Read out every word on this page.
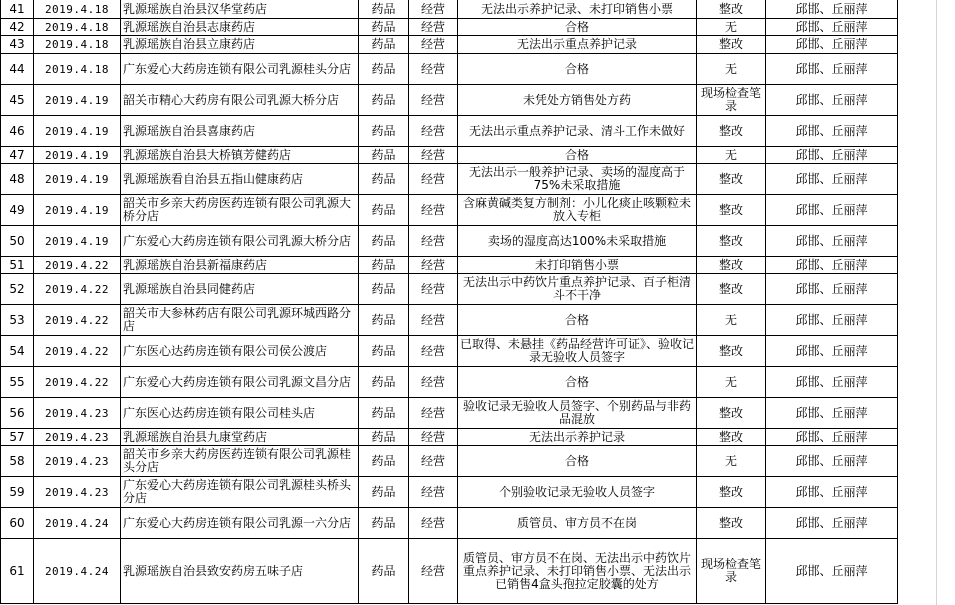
41	2019.4.18	乳源瑶族自治县汉华堂药店	药品	经营	无法出示养护记录、未打印销售小票	整改	邱邯、丘丽萍
42	2019.4.18	乳源瑶族自治县志康药店	药品	经营	合格	无	邱邯、丘丽萍
43	2019.4.18	乳源瑶族自治县立康药店	药品	经营	无法出示重点养护记录	整改	邱邯、丘丽萍
44	2019.4.18	广东爱心大药房连锁有限公司乳源桂头分店	药品	经营	合格	无	邱邯、丘丽萍
45	2019.4.19	韶关市精心大药房有限公司乳源大桥分店	药品	经营	未凭处方销售处方药	现场检查笔录	邱邯、丘丽萍
46	2019.4.19	乳源瑶族自治县喜康药店	药品	经营	无法出示重点养护记录、清斗工作未做好	整改	邱邯、丘丽萍
47	2019.4.19	乳源瑶族自治县大桥镇芳健药店	药品	经营	合格	无	邱邯、丘丽萍
48	2019.4.19	乳源瑶族看自治县五指山健康药店	药品	经营	无法出示一般养护记录、卖场的湿度高于75%未采取措施	整改	邱邯、丘丽萍
49	2019.4.19	韶关市乡亲大药房医药连锁有限公司乳源大桥分店	药品	经营	含麻黄碱类复方制剂：小儿化痰止咳颗粒未放入专柜	整改	邱邯、丘丽萍
50	2019.4.19	广东爱心大药房连锁有限公司乳源大桥分店	药品	经营	卖场的湿度高达100%未采取措施	整改	邱邯、丘丽萍
51	2019.4.22	乳源瑶族自治县新福康药店	药品	经营	未打印销售小票	整改	邱邯、丘丽萍
52	2019.4.22	乳源瑶族自治县同健药店	药品	经营	无法出示中药饮片重点养护记录、百子柜清斗不干净	整改	邱邯、丘丽萍
53	2019.4.22	韶关市大参林药店有限公司乳源环城西路分店	药品	经营	合格	无	邱邯、丘丽萍
54	2019.4.22	广东医心达药房连锁有限公司侯公渡店	药品	经营	已取得、未悬挂《药品经营许可证》、验收记录无验收人员签字	整改	邱邯、丘丽萍
55	2019.4.22	广东爱心大药房连锁有限公司乳源文昌分店	药品	经营	合格	无	邱邯、丘丽萍
56	2019.4.23	广东医心达药房连锁有限公司桂头店	药品	经营	验收记录无验收人员签字、个别药品与非药品混放	整改	邱邯、丘丽萍
57	2019.4.23	乳源瑶族自治县九康堂药店	药品	经营	无法出示养护记录	整改	邱邯、丘丽萍
58	2019.4.23	韶关市乡亲大药房医药连锁有限公司乳源桂头分店	药品	经营	合格	无	邱邯、丘丽萍
59	2019.4.23	广东爱心大药房连锁有限公司乳源桂头桥头分店	药品	经营	个别验收记录无验收人员签字	整改	邱邯、丘丽萍
60	2019.4.24	广东爱心大药房连锁有限公司乳源一六分店	药品	经营	质管员、审方员不在岗	整改	邱邯、丘丽萍
61	2019.4.24	乳源瑶族自治县致安药房五味子店	药品	经营	质管员、审方员不在岗、无法出示中药饮片重点养护记录、未打印销售小票、无法出示已销售4盒头孢拉定胶囊的处方	现场检查笔录	邱邯、丘丽萍
